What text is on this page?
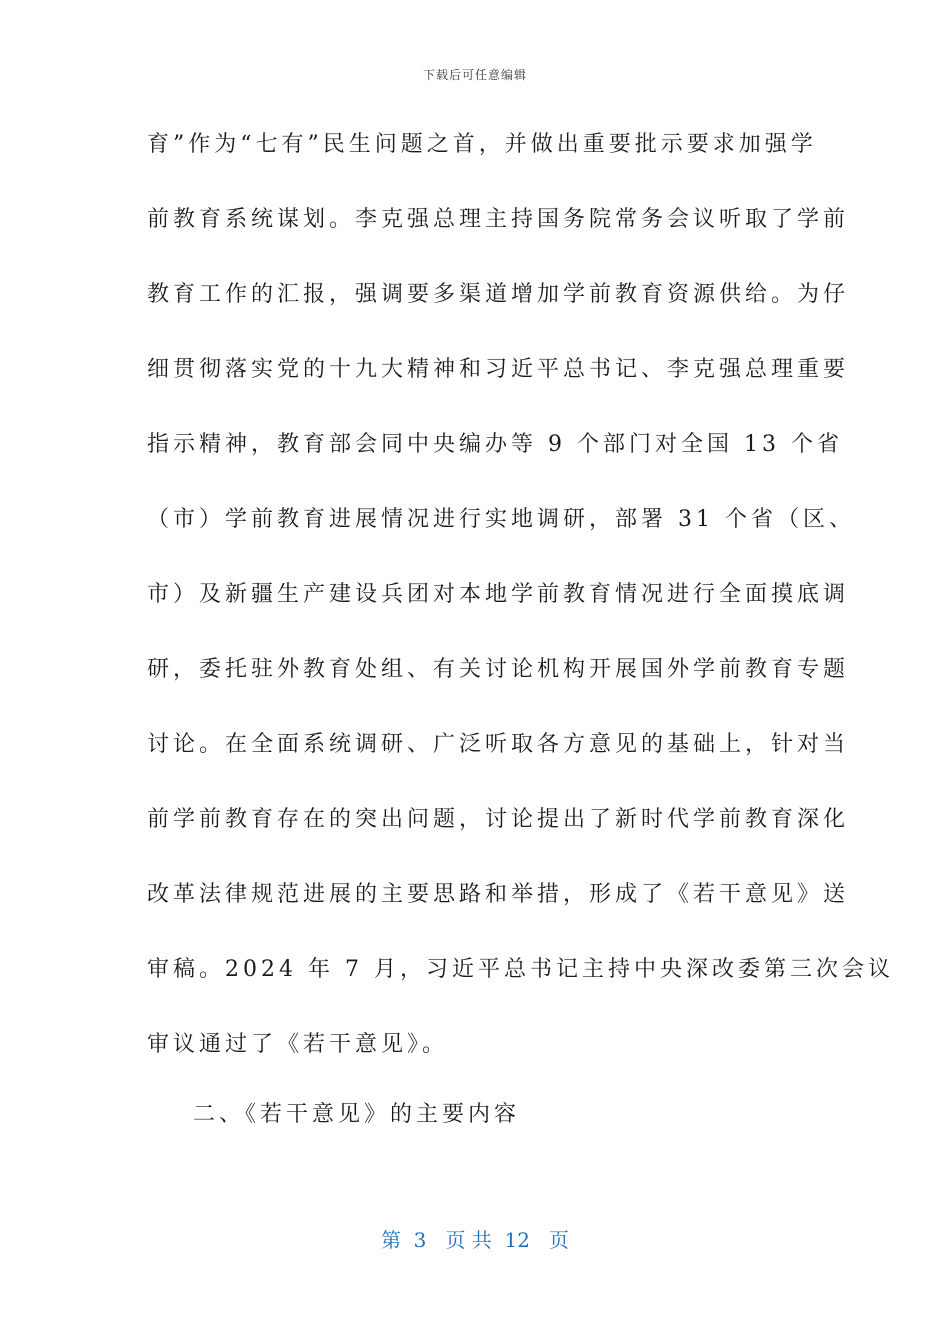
下载后可任意编辑
育”作为“七有”民生问题之首，并做出重要批示要求加强学
前教育系统谋划。李克强总理主持国务院常务会议听取了学前
教育工作的汇报，强调要多渠道增加学前教育资源供给。为仔
细贯彻落实党的十九大精神和习近平总书记、李克强总理重要
指示精神，教育部会同中央编办等 9 个部门对全国 13 个省
（市）学前教育进展情况进行实地调研，部署 31 个省（区、
市）及新疆生产建设兵团对本地学前教育情况进行全面摸底调
研，委托驻外教育处组、有关讨论机构开展国外学前教育专题
讨论。在全面系统调研、广泛听取各方意见的基础上，针对当
前学前教育存在的突出问题，讨论提出了新时代学前教育深化
改革法律规范进展的主要思路和举措，形成了《若干意见》送
审稿。2024 年 7 月，习近平总书记主持中央深改委第三次会议
审议通过了《若干意见》。
二、《若干意见》的主要内容
第  3   页 共  12   页
